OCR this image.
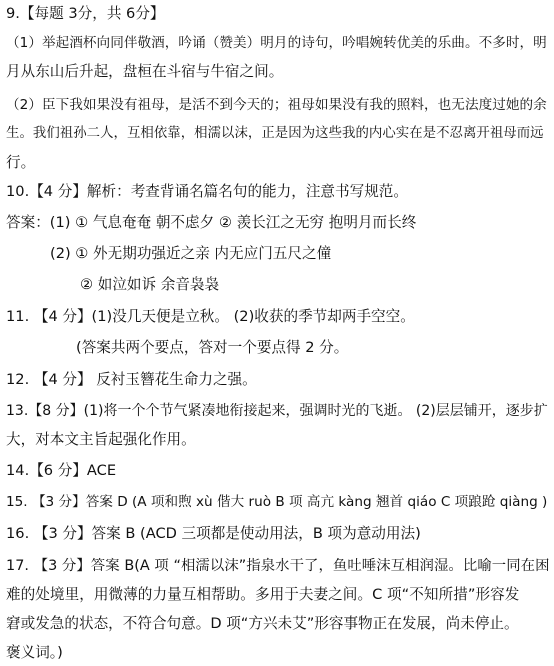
9.【每题 3分，共 6分】
（1）举起酒杯向同伴敬酒，吟诵（赞美）明月的诗句，吟唱婉转优美的乐曲。不多时，明
月从东山后升起，盘桓在斗宿与牛宿之间。
（2）臣下我如果没有祖母，是活不到今天的；祖母如果没有我的照料，也无法度过她的余
生。我们祖孙二人，互相依靠，相濡以沫，正是因为这些我的内心实在是不忍离开祖母而远
行。
10.【4 分】解析：考查背诵名篇名句的能力，注意书写规范。
答案：(1) ① 气息奄奄 朝不虑夕 ② 羡长江之无穷 抱明月而长终
(2) ① 外无期功强近之亲 内无应门五尺之僮
② 如泣如诉 余音袅袅
11. 【4 分】(1)没几天便是立秋。 (2)收获的季节却两手空空。
(答案共两个要点，答对一个要点得 2 分。
12. 【4 分】 反衬玉簪花生命力之强。
13.【8 分】(1)将一个个节气紧凑地衔接起来，强调时光的飞逝。 (2)层层铺开，逐步扩
大，对本文主旨起强化作用。
14.【6 分】ACE
15. 【3 分】答案 D (A 项和煦 xù 偕大 ruò B 项 高亢 kàng 翘首 qiáo C 项踉跄 qiàng )
16. 【3 分】答案 B (ACD 三项都是使动用法，B 项为意动用法)
17. 【3 分】答案 B(A 项 “相濡以沫”指泉水干了，鱼吐唾沫互相润湿。比喻一同在困
难的处境里，用微薄的力量互相帮助。多用于夫妻之间。C 项“不知所措”形容发
窘或发急的状态，不符合句意。D 项“方兴未艾”形容事物正在发展，尚未停止。
褒义词。)
